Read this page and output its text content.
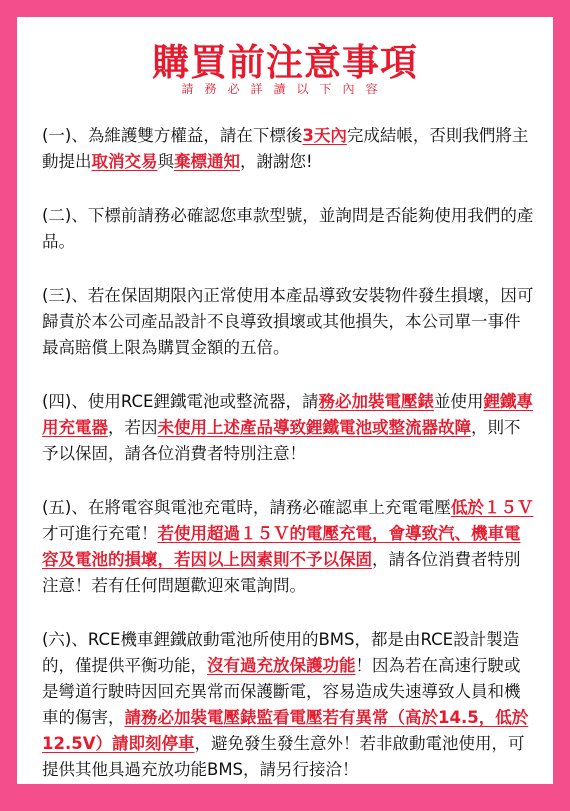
購買前注意事項
請務必詳讀以下內容

(一)、為維護雙方權益，請在下標後3天內完成結帳，否則我們將主動提出取消交易與棄標通知，謝謝您!

(二)、下標前請務必確認您車款型號，並詢問是否能夠使用我們的產品。

(三)、若在保固期限內正常使用本產品導致安裝物件發生損壞，因可歸責於本公司產品設計不良導致損壞或其他損失，本公司單一事件最高賠償上限為購買金額的五倍。

(四)、使用RCE鋰鐵電池或整流器，請務必加裝電壓錶並使用鋰鐵專用充電器，若因未使用上述產品導致鋰鐵電池或整流器故障，則不予以保固，請各位消費者特別注意！

(五)、在將電容與電池充電時，請務必確認車上充電電壓低於１５Ｖ才可進行充電！若使用超過１５Ｖ的電壓充電，會導致汽、機車電容及電池的損壞，若因以上因素則不予以保固，請各位消費者特別注意！若有任何問題歡迎來電詢問。

(六)、RCE機車鋰鐵啟動電池所使用的BMS，都是由RCE設計製造的，僅提供平衡功能，沒有過充放保護功能！因為若在高速行駛或是彎道行駛時因回充異常而保護斷電，容易造成失速導致人員和機車的傷害，請務必加裝電壓錶監看電壓若有異常（高於14.5，低於12.5V）請即刻停車，避免發生發生意外！若非啟動電池使用，可提供其他具過充放功能BMS，請另行接洽！
